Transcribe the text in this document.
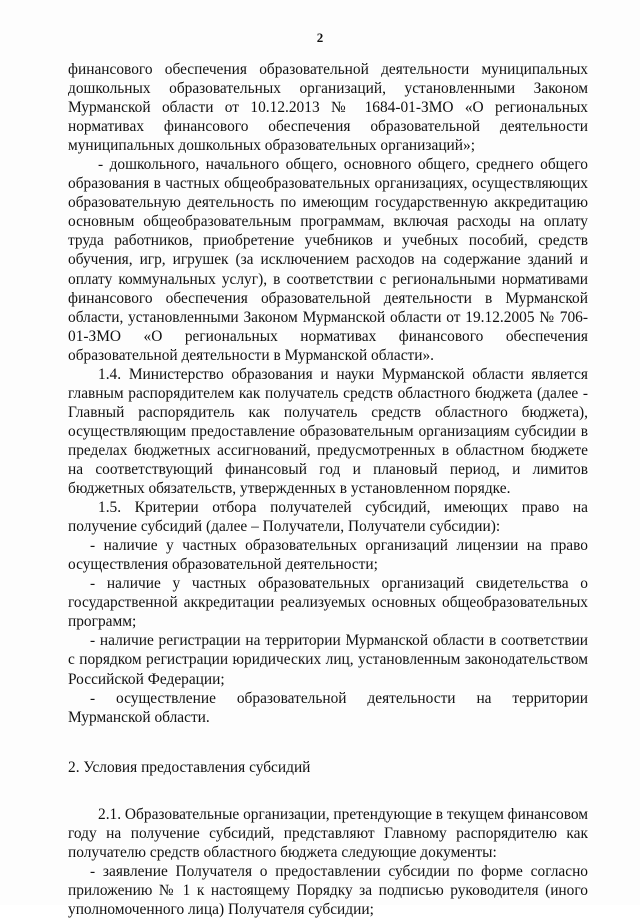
2

финансового обеспечения образовательной деятельности муниципальных дошкольных образовательных организаций, установленными Законом Мурманской области от 10.12.2013 № 1684-01-ЗМО «О региональных нормативах финансового обеспечения образовательной деятельности муниципальных дошкольных образовательных организаций»;

- дошкольного, начального общего, основного общего, среднего общего образования в частных общеобразовательных организациях, осуществляющих образовательную деятельность по имеющим государственную аккредитацию основным общеобразовательным программам, включая расходы на оплату труда работников, приобретение учебников и учебных пособий, средств обучения, игр, игрушек (за исключением расходов на содержание зданий и оплату коммунальных услуг), в соответствии с региональными нормативами финансового обеспечения образовательной деятельности в Мурманской области, установленными Законом Мурманской области от 19.12.2005 № 706-01-ЗМО «О региональных нормативах финансового обеспечения образовательной деятельности в Мурманской области».

1.4. Министерство образования и науки Мурманской области является главным распорядителем как получатель средств областного бюджета (далее - Главный распорядитель как получатель средств областного бюджета), осуществляющим предоставление образовательным организациям субсидии в пределах бюджетных ассигнований, предусмотренных в областном бюджете на соответствующий финансовый год и плановый период, и лимитов бюджетных обязательств, утвержденных в установленном порядке.

1.5. Критерии отбора получателей субсидий, имеющих право на получение субсидий (далее – Получатели, Получатели субсидии):

- наличие у частных образовательных организаций лицензии на право осуществления образовательной деятельности;

- наличие у частных образовательных организаций свидетельства о государственной аккредитации реализуемых основных общеобразовательных программ;

- наличие регистрации на территории Мурманской области в соответствии с порядком регистрации юридических лиц, установленным законодательством Российской Федерации;

- осуществление образовательной деятельности на территории Мурманской области.

2. Условия предоставления субсидий

2.1. Образовательные организации, претендующие в текущем финансовом году на получение субсидий, представляют Главному распорядителю как получателю средств областного бюджета следующие документы:

- заявление Получателя о предоставлении субсидии по форме согласно приложению № 1 к настоящему Порядку за подписью руководителя (иного уполномоченного лица) Получателя субсидии;
